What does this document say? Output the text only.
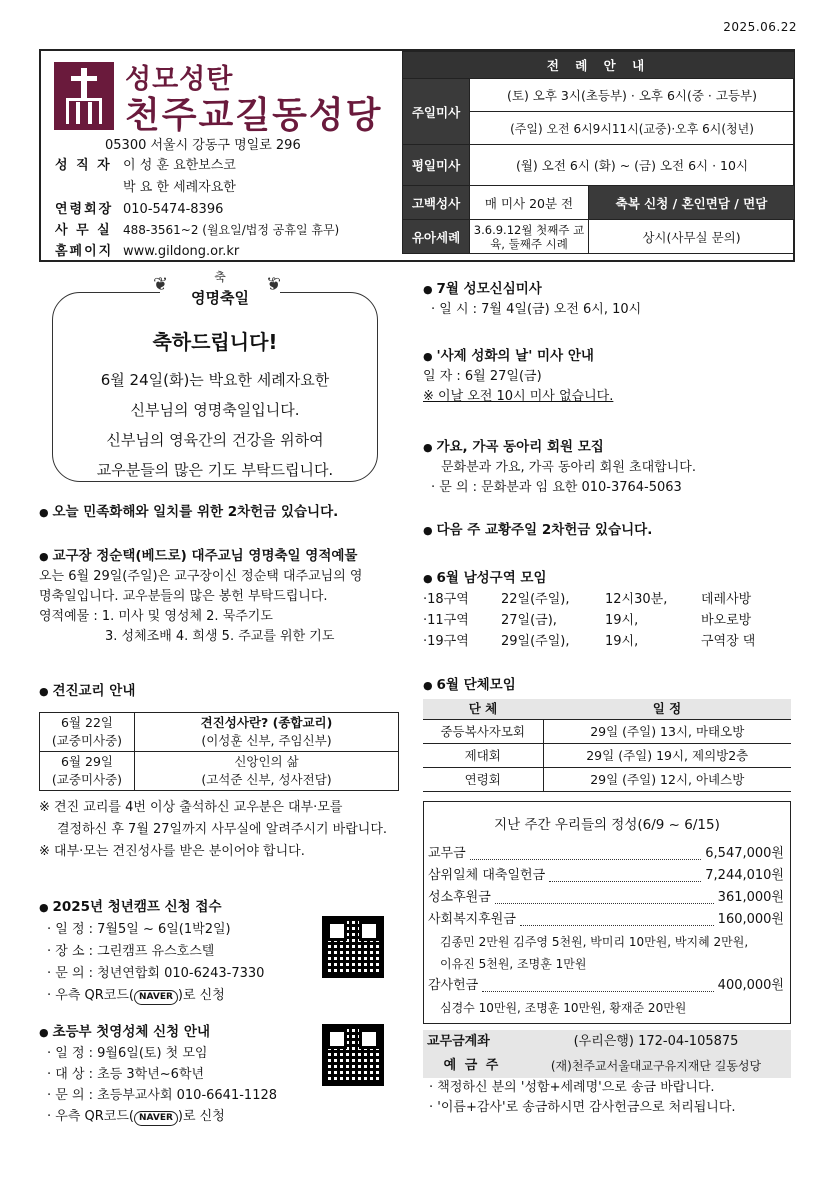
2025.06.22
성모성탄
천주교길동성당
05300 서울시 강동구 명일로 296
성 직 자 이 성 훈 요한보스코
박 요 한 세례자요한
연령회장 010-5474-8396
사 무 실 488-3561~2 (월요일/법정 공휴일 휴무)
홈페이지 www.gildong.or.kr
전 례 안 내		
주일미사	(토) 오후 3시(초등부) · 오후 6시(중 · 고등부)	
	(주일) 오전 6시9시11시(교중)·오후 6시(청년)	
평일미사	(월) 오전 6시 (화) ~ (금) 오전 6시 · 10시	
고백성사	매 미사 20분 전	축복 신청 / 혼인면담 / 면담
유아세례	3.6.9.12월 첫째주 교육, 둘째주 시례	상시(사무실 문의)
축하드립니다!

6월 24일(화)는 박요한 세례자요한
신부님의 영명축일입니다.
신부님의 영육간의 건강을 위하여
교우분들의 많은 기도 부탁드립니다.

축
영명축일
❦	❦
● 오늘 민족화해와 일치를 위한 2차헌금 있습니다.
● 교구장 정순택(베드로) 대주교님 영명축일 영적예물
오는 6월 29일(주일)은 교구장이신 정순택 대주교님의 영
명축일입니다. 교우분들의 많은 봉헌 부탁드립니다.
영적예물 : 1. 미사 및 영성체 2. 묵주기도
3. 성체조배 4. 희생 5. 주교를 위한 기도
● 견진교리 안내
6월 22일
(교중미사중)	견진성사란? (종합교리)
(이성훈 신부, 주임신부)
6월 29일
(교중미사중)	신앙인의 삶
(고석준 신부, 성사전담)
※ 견진 교리를 4번 이상 출석하신 교우분은 대부·모를
결정하신 후 7월 27일까지 사무실에 알려주시기 바랍니다.
※ 대부·모는 견진성사를 받은 분이어야 합니다.
● 2025년 청년캠프 신청 접수
· 일 정 : 7월5일 ~ 6일(1박2일)
· 장 소 : 그린캠프 유스호스텔
· 문 의 : 청년연합회 010-6243-7330
· 우측 QR코드( NAVER )로 신청
● 초등부 첫영성체 신청 안내
· 일 정 : 9월6일(토) 첫 모임
· 대 상 : 초등 3학년~6학년
· 문 의 : 초등부교사회 010-6641-1128
· 우측 QR코드( NAVER )로 신청
● 7월 성모신심미사
· 일 시 : 7월 4일(금) 오전 6시, 10시
● '사제 성화의 날' 미사 안내
일 자 : 6월 27일(금)
※ 이날 오전 10시 미사 없습니다.
● 가요, 가곡 동아리 회원 모집
문화분과 가요, 가곡 동아리 회원 초대합니다.
· 문 의 : 문화분과 임 요한 010-3764-5063
● 다음 주 교황주일 2차헌금 있습니다.
● 6월 남성구역 모임
·18구역	22일(주일),	12시30분,	데레사방
·11구역	27일(금),	19시,	바오로방
·19구역	29일(주일),	19시,	구역장 댁
● 6월 단체모임
단 체	일 정
중등복사자모회	29일 (주일) 13시, 마태오방
제대회	29일 (주일) 19시, 제의방2층
연령회	29일 (주일) 12시, 아녜스방
지난 주간 우리들의 정성(6/9 ~ 6/15)
교무금	6,547,000원
삼위일체 대축일헌금	7,244,010원
성소후원금	361,000원
사회복지후원금	160,000원
김종민 2만원 김주영 5천원, 박미리 10만원, 박지혜 2만원,
이유진 5천원, 조명훈 1만원
감사헌금	400,000원
심경수 10만원, 조명훈 10만원, 황재준 20만원
교무금계좌	(우리은행) 172-04-105875
예 금 주	(재)천주교서울대교구유지재단 길동성당
· 책정하신 분의 '성함+세례명'으로 송금 바랍니다.
· '이름+감사'로 송금하시면 감사헌금으로 처리됩니다.
